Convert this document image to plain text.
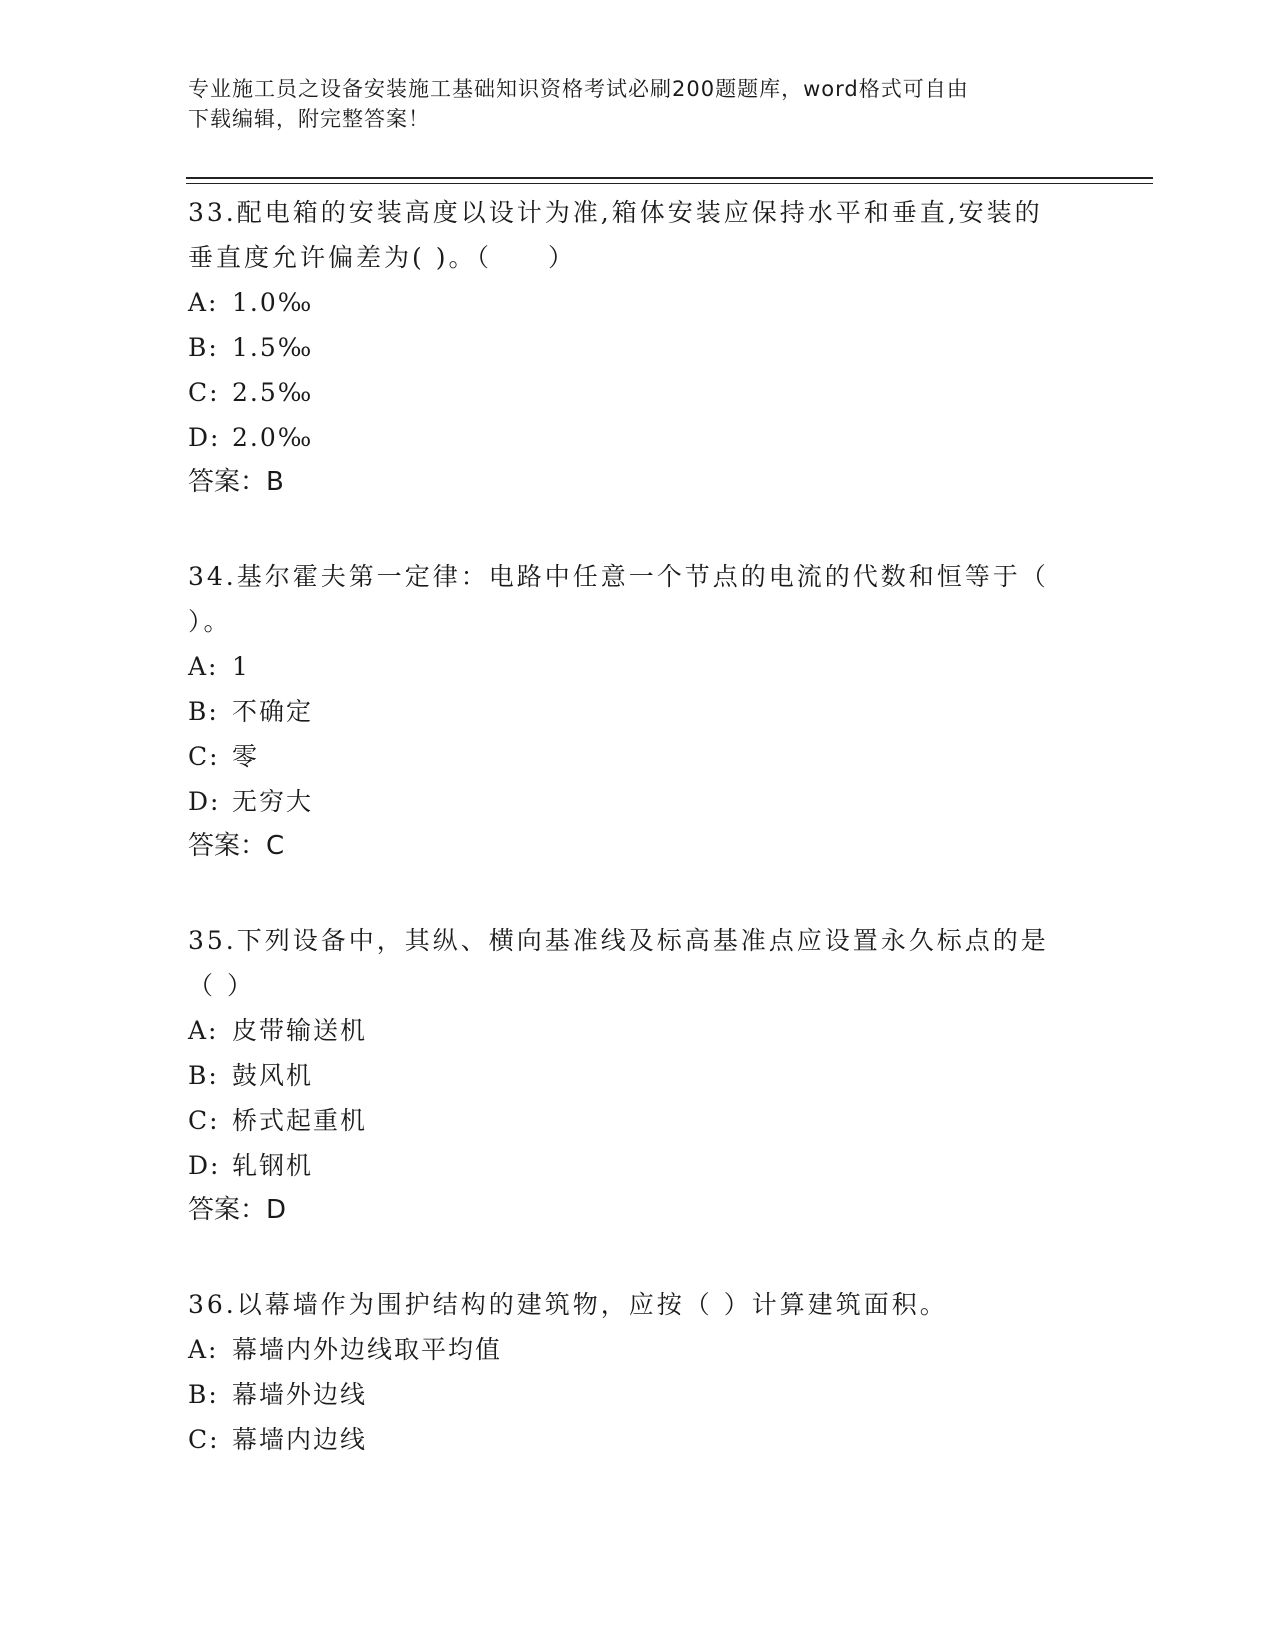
专业施工员之设备安装施工基础知识资格考试必刷200题题库，word格式可自由
下载编辑，附完整答案！
33.配电箱的安装高度以设计为准,箱体安装应保持水平和垂直,安装的
垂直度允许偏差为( )。（　　）
A: 1.0‰
B: 1.5‰
C: 2.5‰
D: 2.0‰
答案：B
34.基尔霍夫第一定律：电路中任意一个节点的电流的代数和恒等于（
）。
A: 1
B: 不确定
C: 零
D: 无穷大
答案：C
35.下列设备中，其纵、横向基准线及标高基准点应设置永久标点的是
（ ）
A: 皮带输送机
B: 鼓风机
C: 桥式起重机
D: 轧钢机
答案：D
36.以幕墙作为围护结构的建筑物，应按（ ）计算建筑面积。
A: 幕墙内外边线取平均值
B: 幕墙外边线
C: 幕墙内边线
